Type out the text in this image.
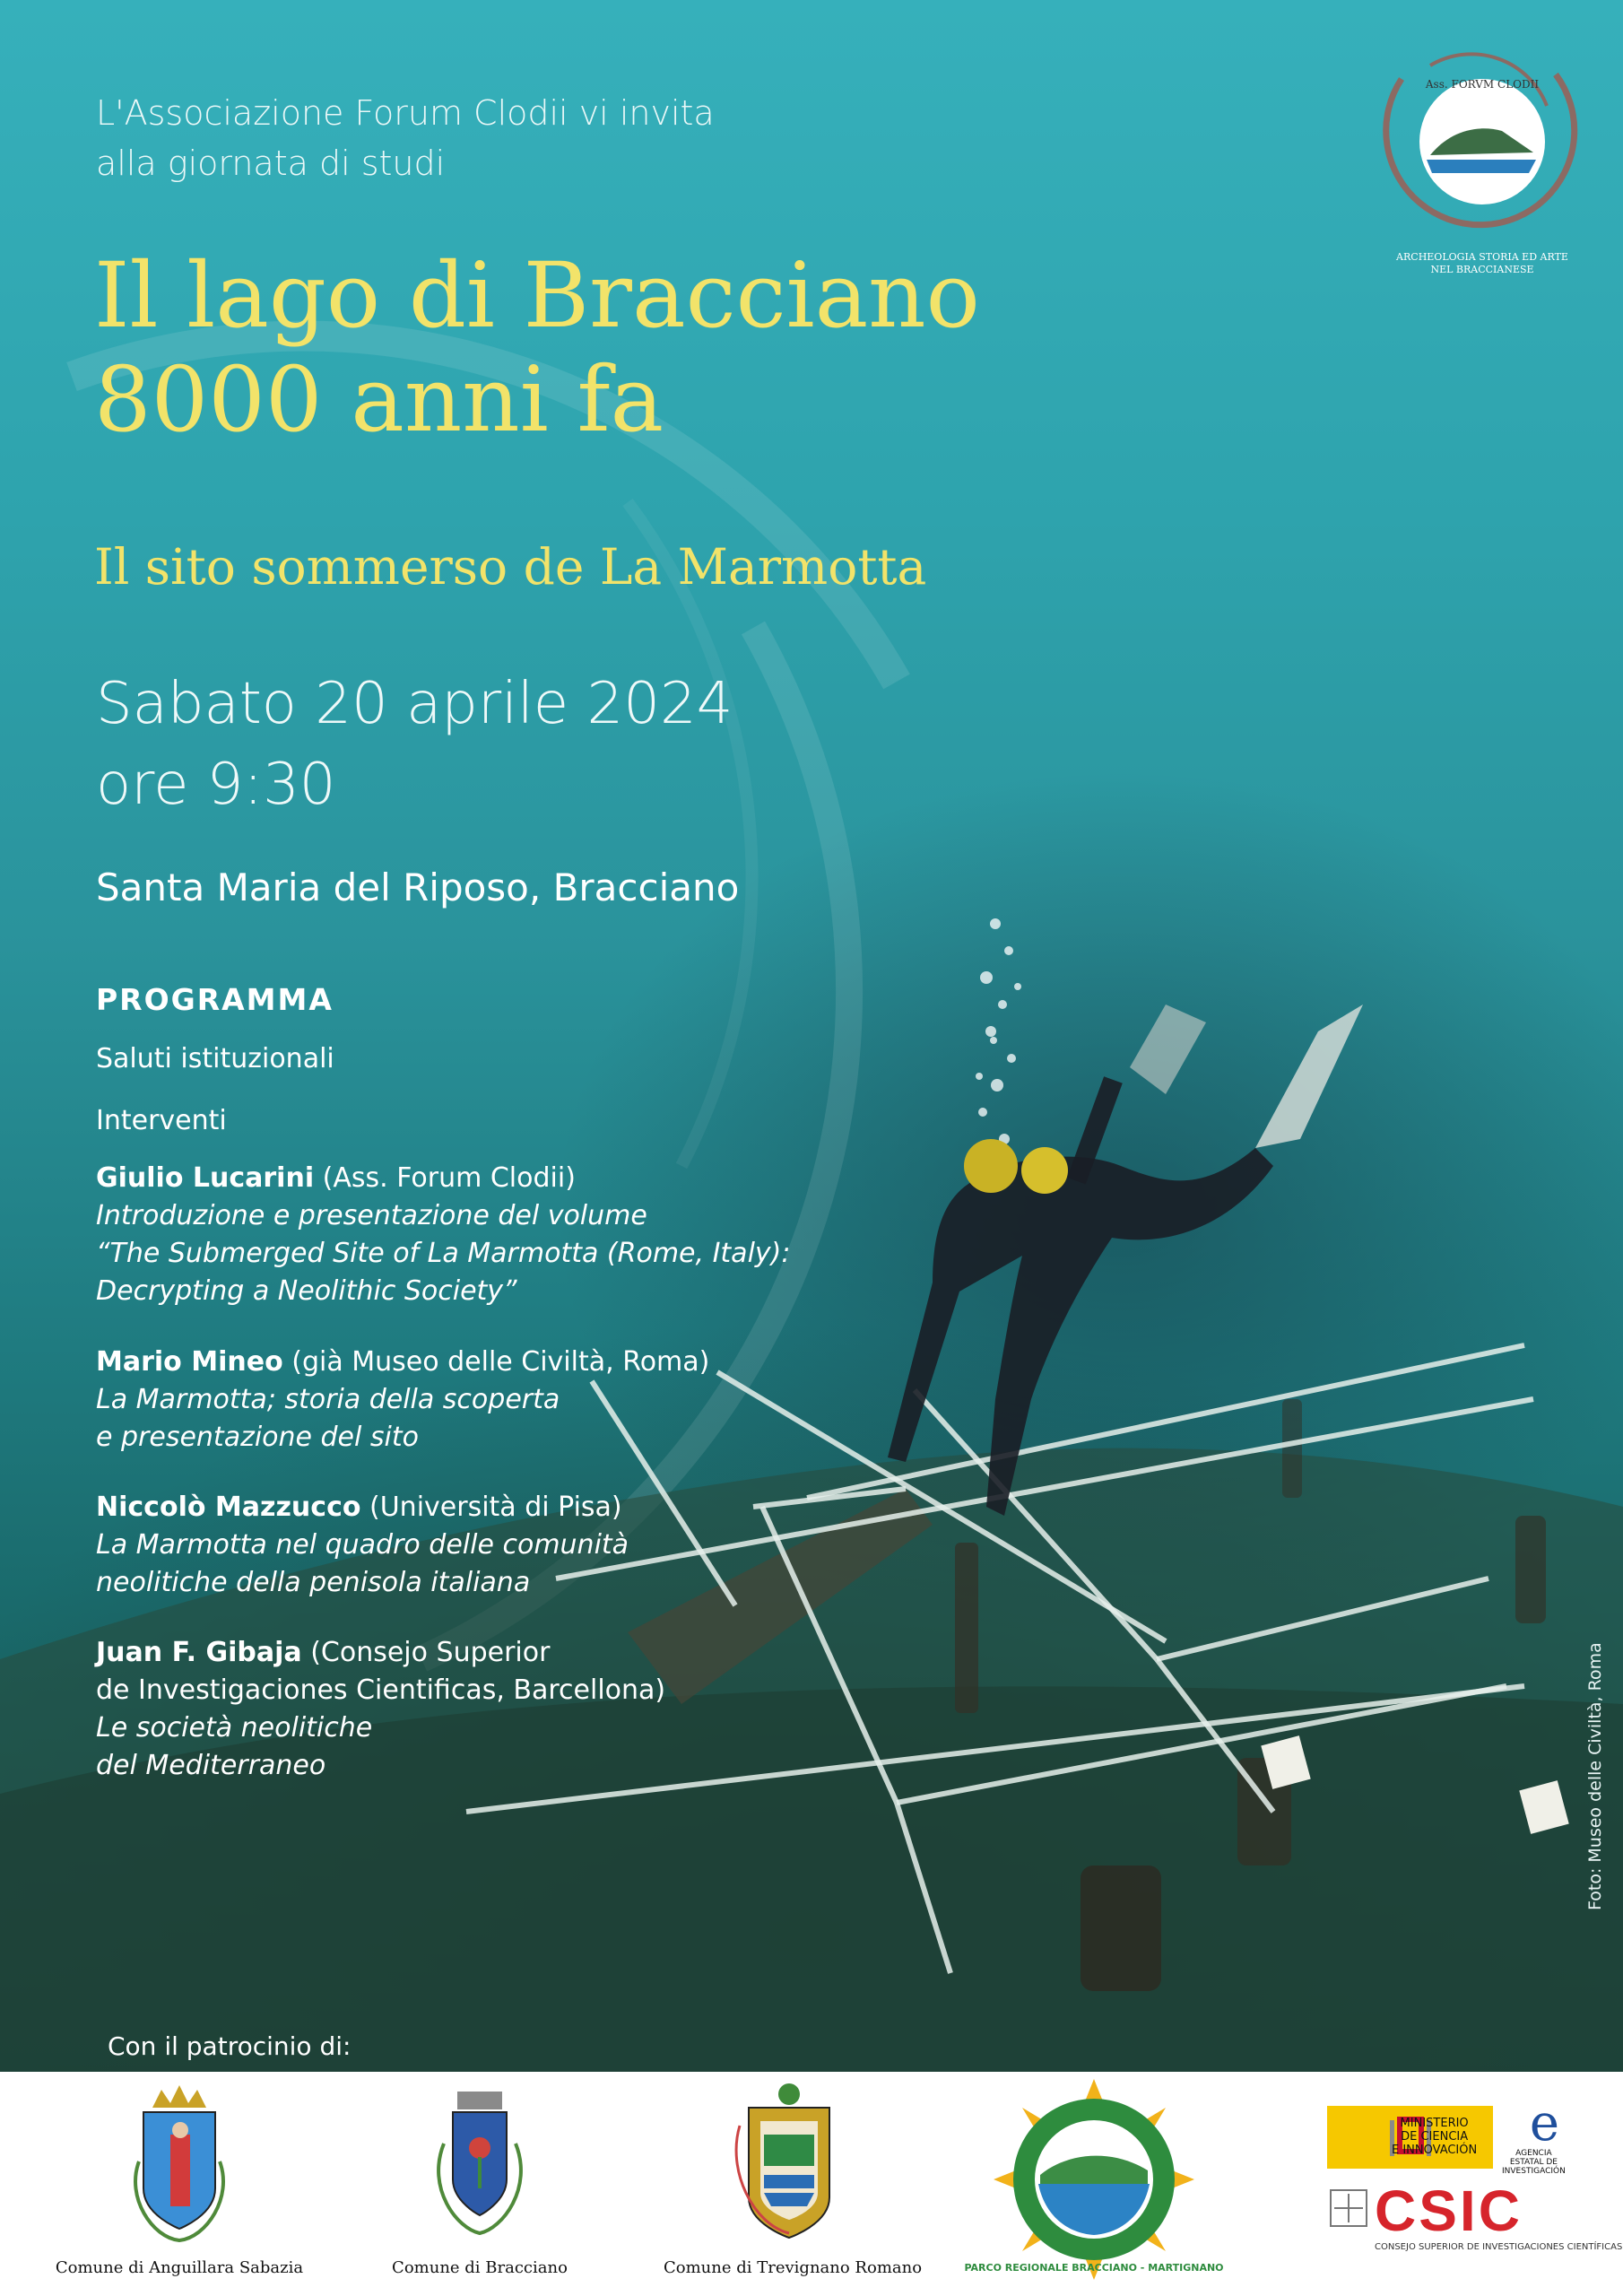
Ass. FORVM CLODII
ARCHEOLOGIA STORIA ED ARTE
NEL BRACCIANESE
L'Associazione Forum Clodii vi invita
alla giornata di studi
Il lago di Bracciano
8000 anni fa
Il sito sommerso de La Marmotta
Sabato 20 aprile 2024
ore 9:30
Santa Maria del Riposo, Bracciano
PROGRAMMA
Saluti istituzionali
Interventi
Giulio Lucarini (Ass. Forum Clodii)
Introduzione e presentazione del volume
“The Submerged Site of La Marmotta (Rome, Italy):
Decrypting a Neolithic Society”
Mario Mineo (già Museo delle Civiltà, Roma)
La Marmotta; storia della scoperta
e presentazione del sito
Niccolò Mazzucco (Università di Pisa)
La Marmotta nel quadro delle comunità
neolitiche della penisola italiana
Juan F. Gibaja (Consejo Superior
de Investigaciones Cientificas, Barcellona)
Le società neolitiche
del Mediterraneo	Foto: Museo delle Civiltà, Roma
Con il patrocinio di:
Comune di Anguillara Sabazia	Comune di Bracciano	Comune di Trevignano Romano	PARCO REGIONALE BRACCIANO - MARTIGNANO
MINISTERIO
DE CIENCIA
E INNOVACIÓN	e
AGENCIA
ESTATAL DE
INVESTIGACIÓN
CSIC
CONSEJO SUPERIOR DE INVESTIGACIONES CIENTÍFICAS
